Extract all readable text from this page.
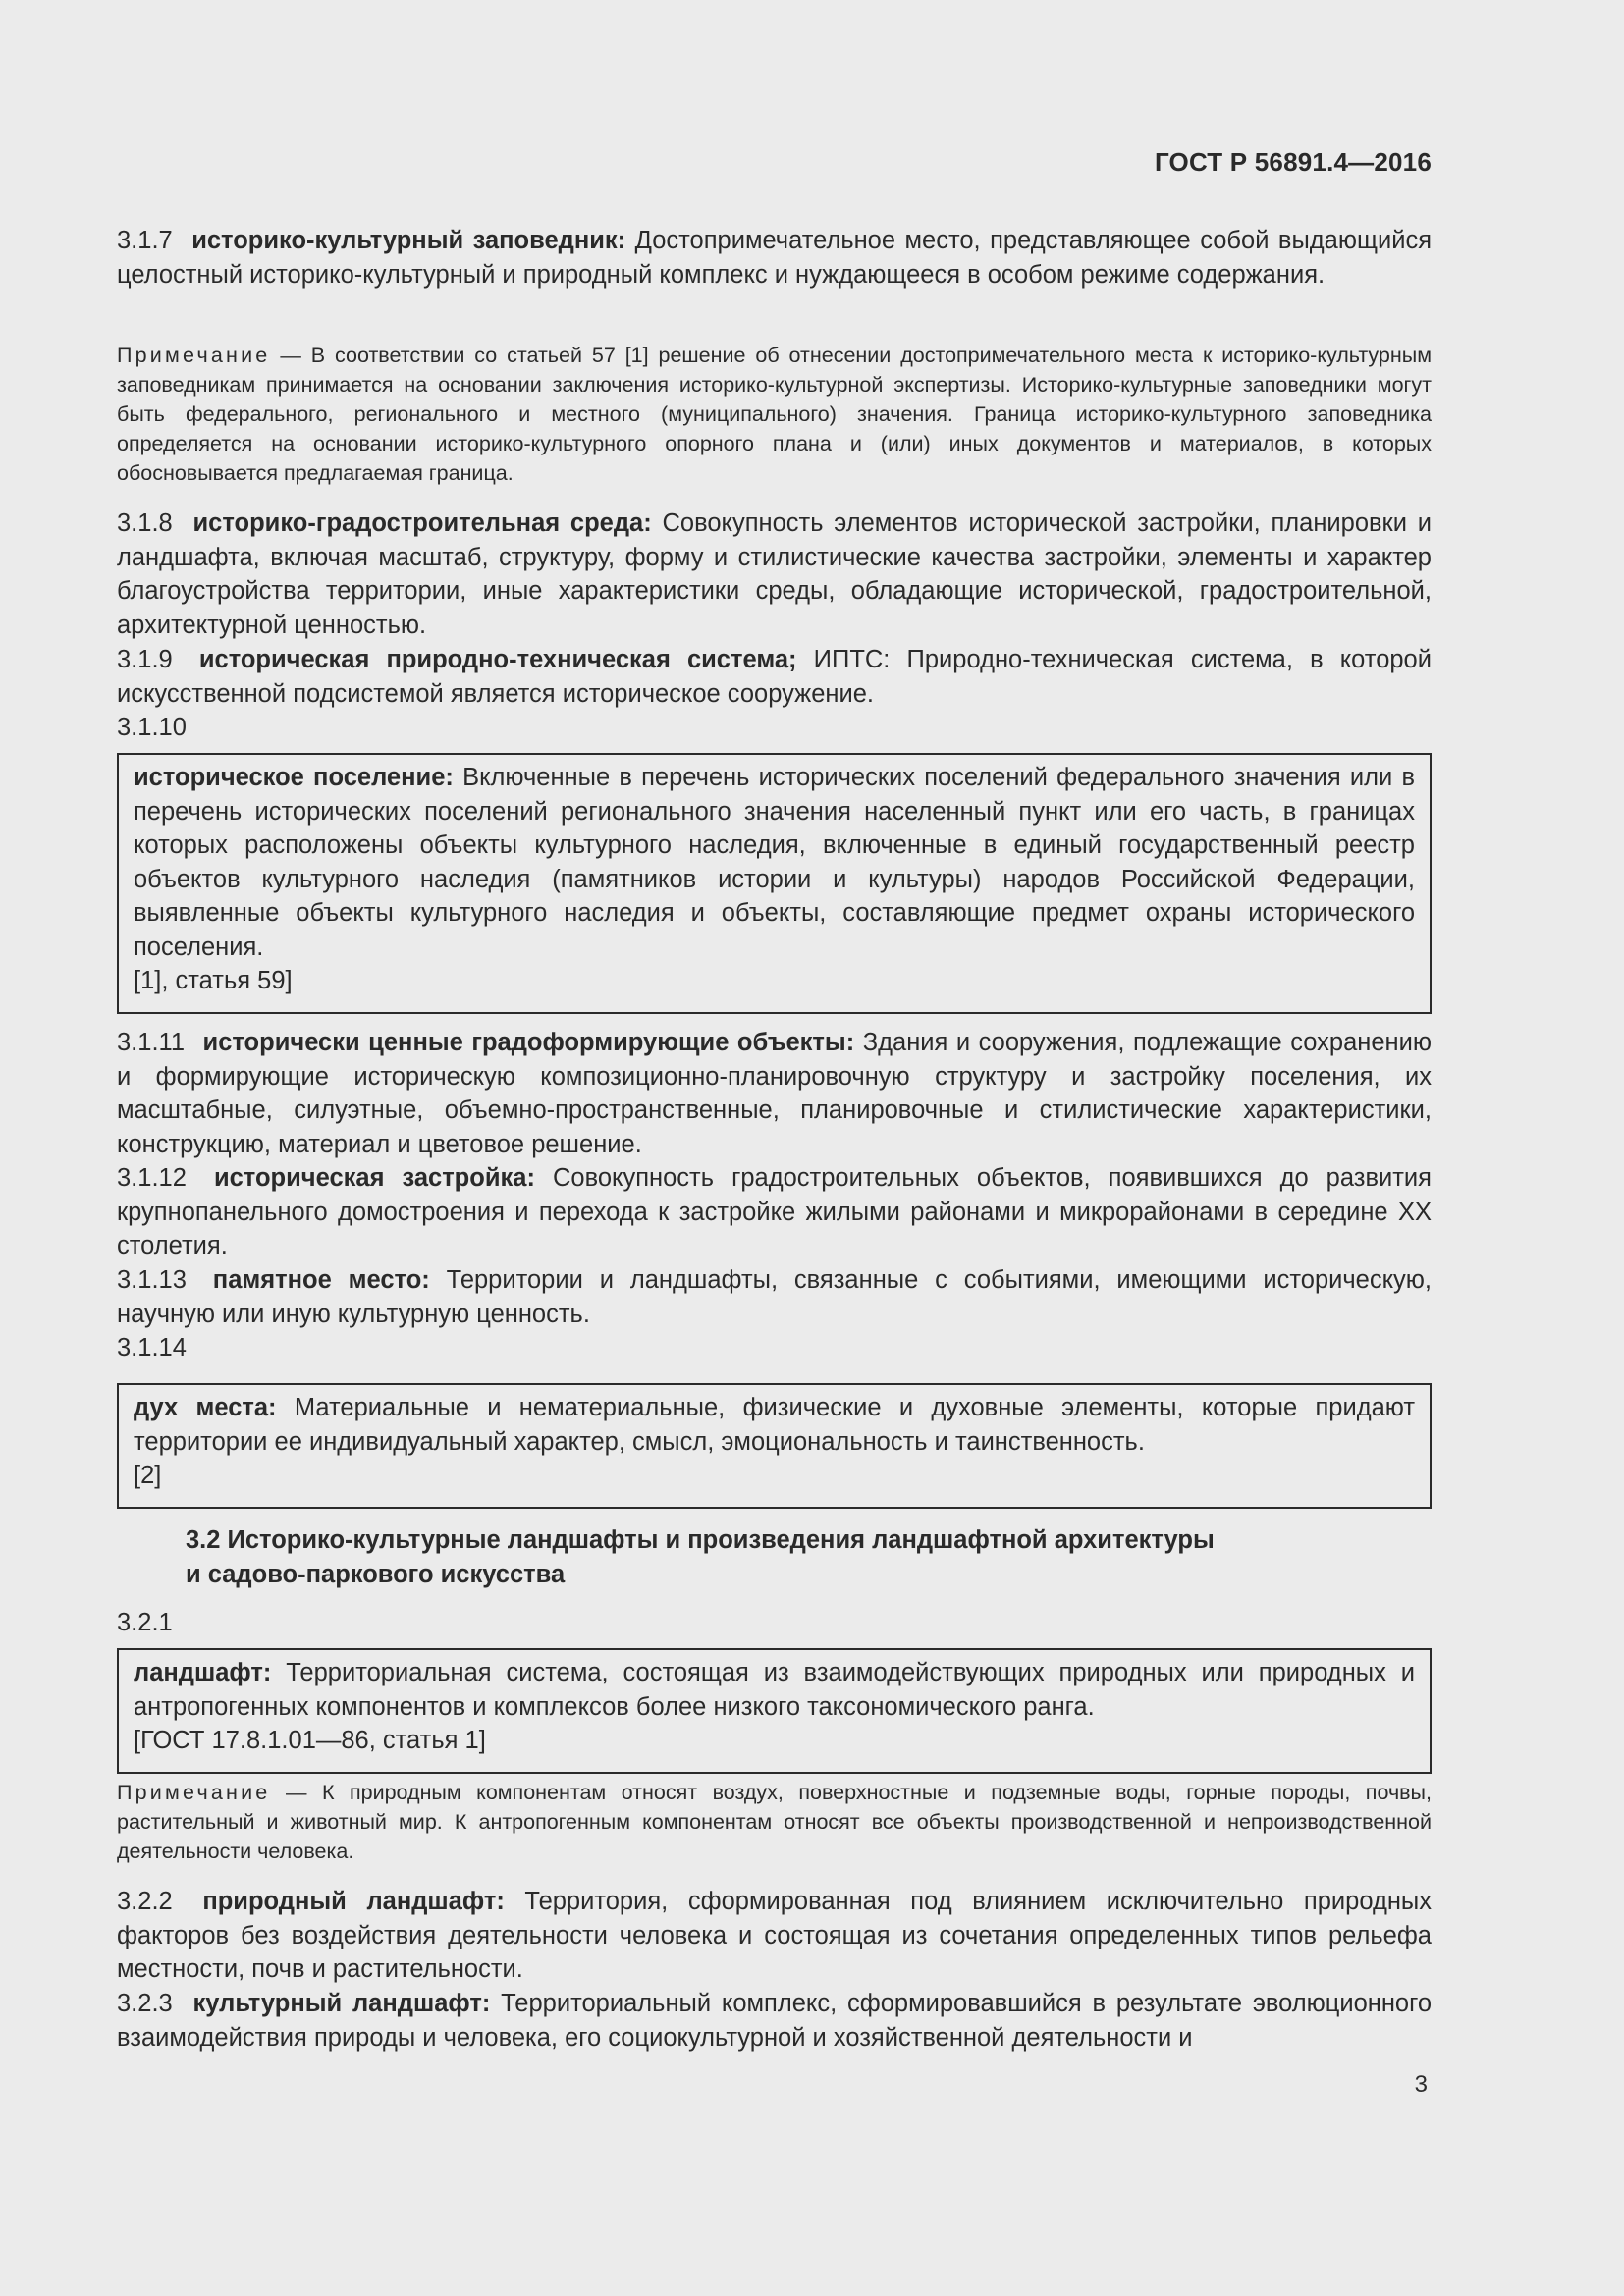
ГОСТ Р 56891.4—2016

3.1.7 историко-культурный заповедник: Достопримечательное место, представляющее собой выдающийся целостный историко-культурный и природный комплекс и нуждающееся в особом режиме содержания.

Примечание — В соответствии со статьей 57 [1] решение об отнесении достопримечательного места к историко-культурным заповедникам принимается на основании заключения историко-культурной экспертизы. Историко-культурные заповедники могут быть федерального, регионального и местного (муниципального) значения. Граница историко-культурного заповедника определяется на основании историко-культурного опорного плана и (или) иных документов и материалов, в которых обосновывается предлагаемая граница.

3.1.8 историко-градостроительная среда: Совокупность элементов исторической застройки, планировки и ландшафта, включая масштаб, структуру, форму и стилистические качества застройки, элементы и характер благоустройства территории, иные характеристики среды, обладающие исторической, градостроительной, архитектурной ценностью.

3.1.9 историческая природно-техническая система; ИПТС: Природно-техническая система, в которой искусственной подсистемой является историческое сооружение.

3.1.10

историческое поселение: Включенные в перечень исторических поселений федерального значения или в перечень исторических поселений регионального значения населенный пункт или его часть, в границах которых расположены объекты культурного наследия, включенные в единый государственный реестр объектов культурного наследия (памятников истории и культуры) народов Российской Федерации, выявленные объекты культурного наследия и объекты, составляющие предмет охраны исторического поселения.
[1], статья 59]

3.1.11 исторически ценные градоформирующие объекты: Здания и сооружения, подлежащие сохранению и формирующие историческую композиционно-планировочную структуру и застройку поселения, их масштабные, силуэтные, объемно-пространственные, планировочные и стилистические характеристики, конструкцию, материал и цветовое решение.

3.1.12 историческая застройка: Совокупность градостроительных объектов, появившихся до развития крупнопанельного домостроения и перехода к застройке жилыми районами и микрорайонами в середине XX столетия.

3.1.13 памятное место: Территории и ландшафты, связанные с событиями, имеющими историческую, научную или иную культурную ценность.

3.1.14

дух места: Материальные и нематериальные, физические и духовные элементы, которые придают территории ее индивидуальный характер, смысл, эмоциональность и таинственность.
[2]

3.2 Историко-культурные ландшафты и произведения ландшафтной архитектуры

и садово-паркового искусства

3.2.1

ландшафт: Территориальная система, состоящая из взаимодействующих природных или природных и антропогенных компонентов и комплексов более низкого таксономического ранга.
[ГОСТ 17.8.1.01—86, статья 1]

Примечание — К природным компонентам относят воздух, поверхностные и подземные воды, горные породы, почвы, растительный и животный мир. К антропогенным компонентам относят все объекты производственной и непроизводственной деятельности человека.

3.2.2 природный ландшафт: Территория, сформированная под влиянием исключительно природных факторов без воздействия деятельности человека и состоящая из сочетания определенных типов рельефа местности, почв и растительности.

3.2.3 культурный ландшафт: Территориальный комплекс, сформировавшийся в результате эволюционного взаимодействия природы и человека, его социокультурной и хозяйственной деятельности и

3
